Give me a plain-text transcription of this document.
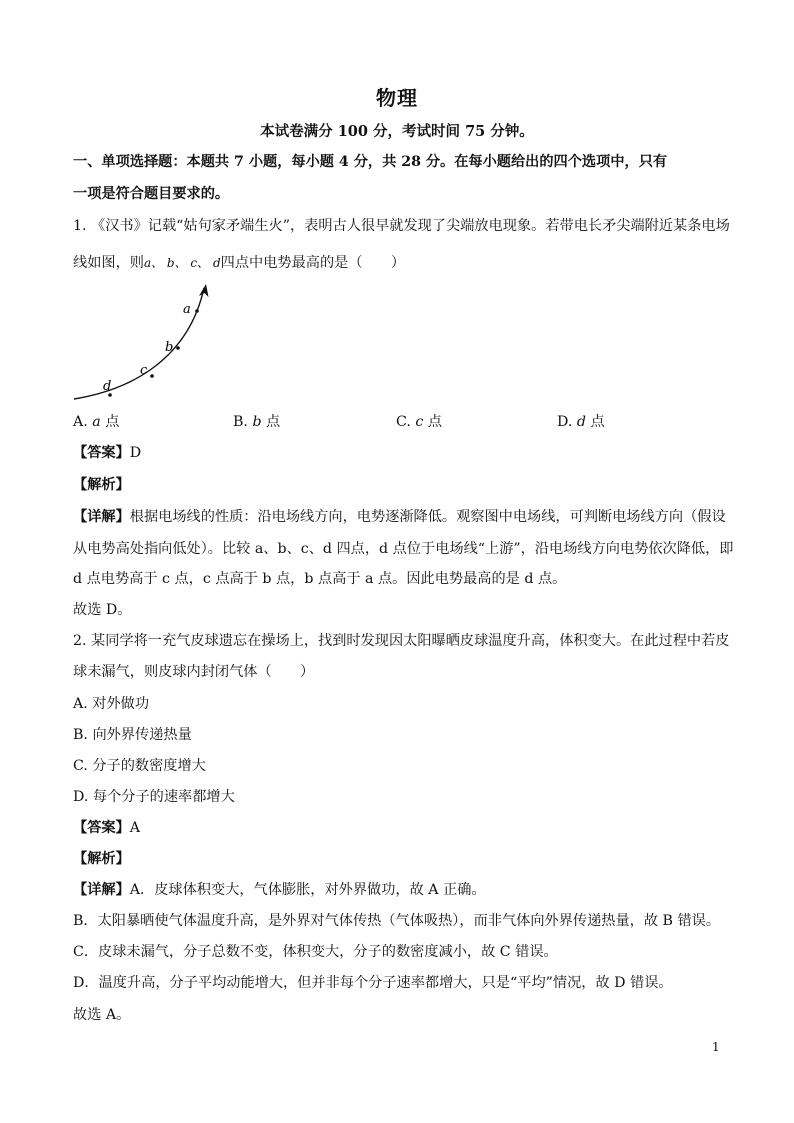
物理
本试卷满分 100 分，考试时间 75 分钟。
一、单项选择题：本题共 7 小题，每小题 4 分，共 28 分。在每小题给出的四个选项中，只有
一项是符合题目要求的。
1. 《汉书》记载“姑句家矛端生火”，表明古人很早就发现了尖端放电现象。若带电长矛尖端附近某条电场
线如图，则a、 b、 c、 d四点中电势最高的是（　　）
a
b
c
d
A. a 点	B. b 点	C. c 点	D. d 点
【答案】D
【解析】
【详解】根据电场线的性质：沿电场线方向，电势逐渐降低。观察图中电场线，可判断电场线方向（假设
从电势高处指向低处）。比较 a、b、c、d 四点，d 点位于电场线“上游”，沿电场线方向电势依次降低，即
d 点电势高于 c 点，c 点高于 b 点，b 点高于 a 点。因此电势最高的是 d 点。
故选 D。
2. 某同学将一充气皮球遗忘在操场上，找到时发现因太阳曝晒皮球温度升高，体积变大。在此过程中若皮
球未漏气，则皮球内封闭气体（　　）
A. 对外做功
B. 向外界传递热量
C. 分子的数密度增大
D. 每个分子的速率都增大
【答案】A
【解析】
【详解】A．皮球体积变大，气体膨胀，对外界做功，故 A 正确。
B．太阳暴晒使气体温度升高，是外界对气体传热（气体吸热），而非气体向外界传递热量，故 B 错误。
C．皮球未漏气，分子总数不变，体积变大，分子的数密度减小，故 C 错误。
D．温度升高，分子平均动能增大，但并非每个分子速率都增大，只是“平均”情况，故 D 错误。
故选 A。
1
